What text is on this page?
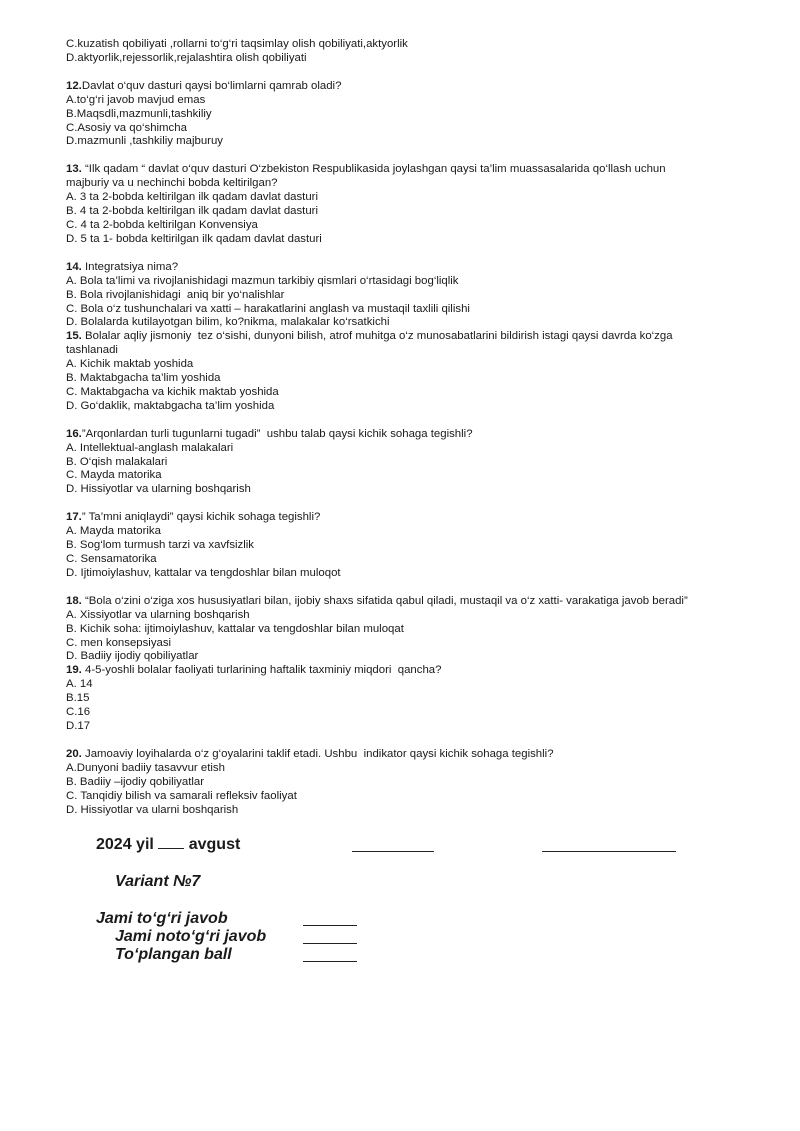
C.kuzatish qobiliyati ,rollarni to‘g‘ri taqsimlay olish qobiliyati,aktyorlik
D.aktyorlik,rejessorlik,rejalashtira olish qobiliyati
12.Davlat o‘quv dasturi qaysi bo‘limlarni qamrab oladi?
A.to‘g‘ri javob mavjud emas
B.Maqsdli,mazmunli,tashkiliy
C.Asosiy va qo‘shimcha
D.mazmunli ,tashkiliy majburuy
13. “Ilk qadam “ davlat o‘quv dasturi O‘zbekiston Respublikasida joylashgan qaysi ta’lim muassasalarida qo‘llash uchun
majburiy va u nechinchi bobda keltirilgan?
A. 3 ta 2-bobda keltirilgan ilk qadam davlat dasturi
B. 4 ta 2-bobda keltirilgan ilk qadam davlat dasturi
C. 4 ta 2-bobda keltirilgan Konvensiya
D. 5 ta 1- bobda keltirilgan ilk qadam davlat dasturi
14. Integratsiya nima?
A. Bola ta’limi va rivojlanishidagi mazmun tarkibiy qismlari o‘rtasidagi bog‘liqlik
B. Bola rivojlanishidagi  aniq bir yo‘nalishlar
C. Bola o‘z tushunchalari va xatti – harakatlarini anglash va mustaqil taxlili qilishi
D. Bolalarda kutilayotgan bilim, ko?nikma, malakalar ko‘rsatkichi
15. Bolalar aqliy jismoniy  tez o‘sishi, dunyoni bilish, atrof muhitga o‘z munosabatlarini bildirish istagi qaysi davrda ko‘zga
tashlanadi
A. Kichik maktab yoshida
B. Maktabgacha ta’lim yoshida
C. Maktabgacha va kichik maktab yoshida
D. Go‘daklik, maktabgacha ta’lim yoshida
16.”Arqonlardan turli tugunlarni tugadi”  ushbu talab qaysi kichik sohaga tegishli?
A. Intellektual-anglash malakalari
B. O‘qish malakalari
C. Mayda matorika
D. Hissiyotlar va ularning boshqarish
17.” Ta’mni aniqlaydi” qaysi kichik sohaga tegishli?
A. Mayda matorika
B. Sog‘lom turmush tarzi va xavfsizlik
C. Sensamatorika
D. Ijtimoiylashuv, kattalar va tengdoshlar bilan muloqot
18. “Bola o‘zini o‘ziga xos hususiyatlari bilan, ijobiy shaxs sifatida qabul qiladi, mustaqil va o‘z xatti- varakatiga javob beradi”
A. Xissiyotlar va ularning boshqarish
B. Kichik soha: ijtimoiylashuv, kattalar va tengdoshlar bilan muloqat
C. men konsepsiyasi
D. Badiiy ijodiy qobiliyatlar
19. 4-5-yoshli bolalar faoliyati turlarining haftalik taxminiy miqdori  qancha?
A. 14
B.15
C.16
D.17
20. Jamoaviy loyihalarda o‘z g‘oyalarini taklif etadi. Ushbu  indikator qaysi kichik sohaga tegishli?
A.Dunyoni badiiy tasavvur etish
B. Badiiy –ijodiy qobiliyatlar
C. Tanqidiy bilish va samarali refleksiv faoliyat
D. Hissiyotlar va ularni boshqarish
2024 yil avgust
Variant №7
Jami to‘g‘ri javob
Jami noto‘g‘ri javob
To‘plangan ball
